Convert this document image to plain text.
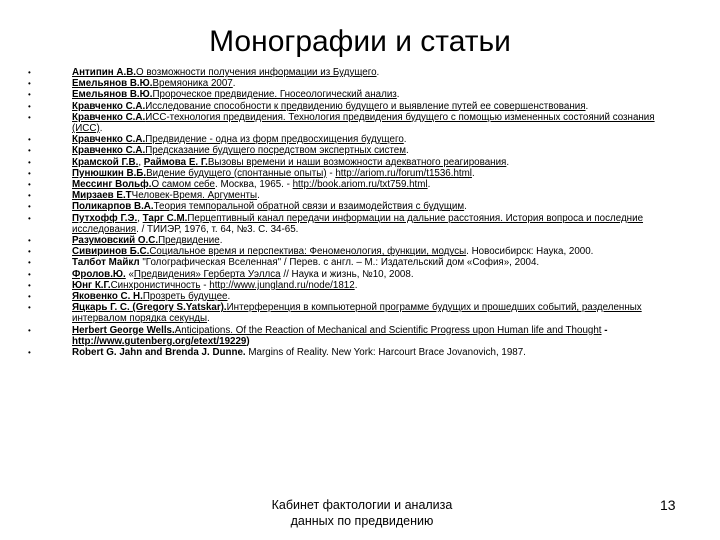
Монографии и статьи
• Антипин А.В.О возможности получения информации из Будущего.
• Емельянов В.Ю.Времяоника 2007.
• Емельянов В.Ю.Пророческое предвидение. Гносеологический анализ.
• Кравченко С.А.Исследование способности к предвидению будущего и выявление путей ее совершенствования.
• Кравченко С.А.ИСС-технология предвидения. Технология предвидения будущего с помощью измененных состояний сознания (ИСС).
• Кравченко С.А.Предвидение - одна из форм предвосхищения будущего.
• Кравченко С.А.Предсказание будущего посредством экспертных систем.
• Крамской Г.В., Раймова Е. Г.Вызовы времени и наши возможности адекватного реагирования.
• Пунюшкин В.Б.Видение будущего (спонтанные опыты) - http://ariom.ru/forum/t1536.html.
• Мессинг Вольф.О самом себе. Москва, 1965. - http://book.ariom.ru/txt759.html.
• Мирзаев Е.ТЧеловек-Время. Аргументы.
• Поликарпов В.А.Теория темпоральной обратной связи и взаимодействия с будущим.
• Путхофф Г.Э., Тарг С.М.Перцептивный канал передачи информации на дальние расстояния. История вопроса и последние исследования. / ТИИЭР, 1976, т. 64, №3. С. 34-65.
• Разумовский О.С.Предвидение.
• Сивиринов Б.С.Социальное время и перспектива: Феноменология, функции, модусы. Новосибирск: Наука, 2000.
• Талбот Майкл "Голографическая Вселенная" / Перев. с англ. – М.: Издательский дом «София», 2004.
• Фролов.Ю. «Предвидения» Герберта Уэллса // Наука и жизнь, №10, 2008.
• Юнг К.Г.Синхронистичность - http://www.jungland.ru/node/1812.
• Яковенко С. Н.Прозреть будущее.
• Яцкарь Г. С. (Gregory S.Yatskar).Интерференция в компьютерной программе будущих и прошедших событий, разделенных интервалом порядка секунды.
• Herbert George Wells.Anticipations. Of the Reaction of Mechanical and Scientific Progress upon Human life and Thought - http://www.gutenberg.org/etext/19229)
• Robert G. Jahn and Brenda J. Dunne. Margins of Reality. New York: Harcourt Brace Jovanovich, 1987.
Кабинет фактологии и анализа
данных по предвидению
13
